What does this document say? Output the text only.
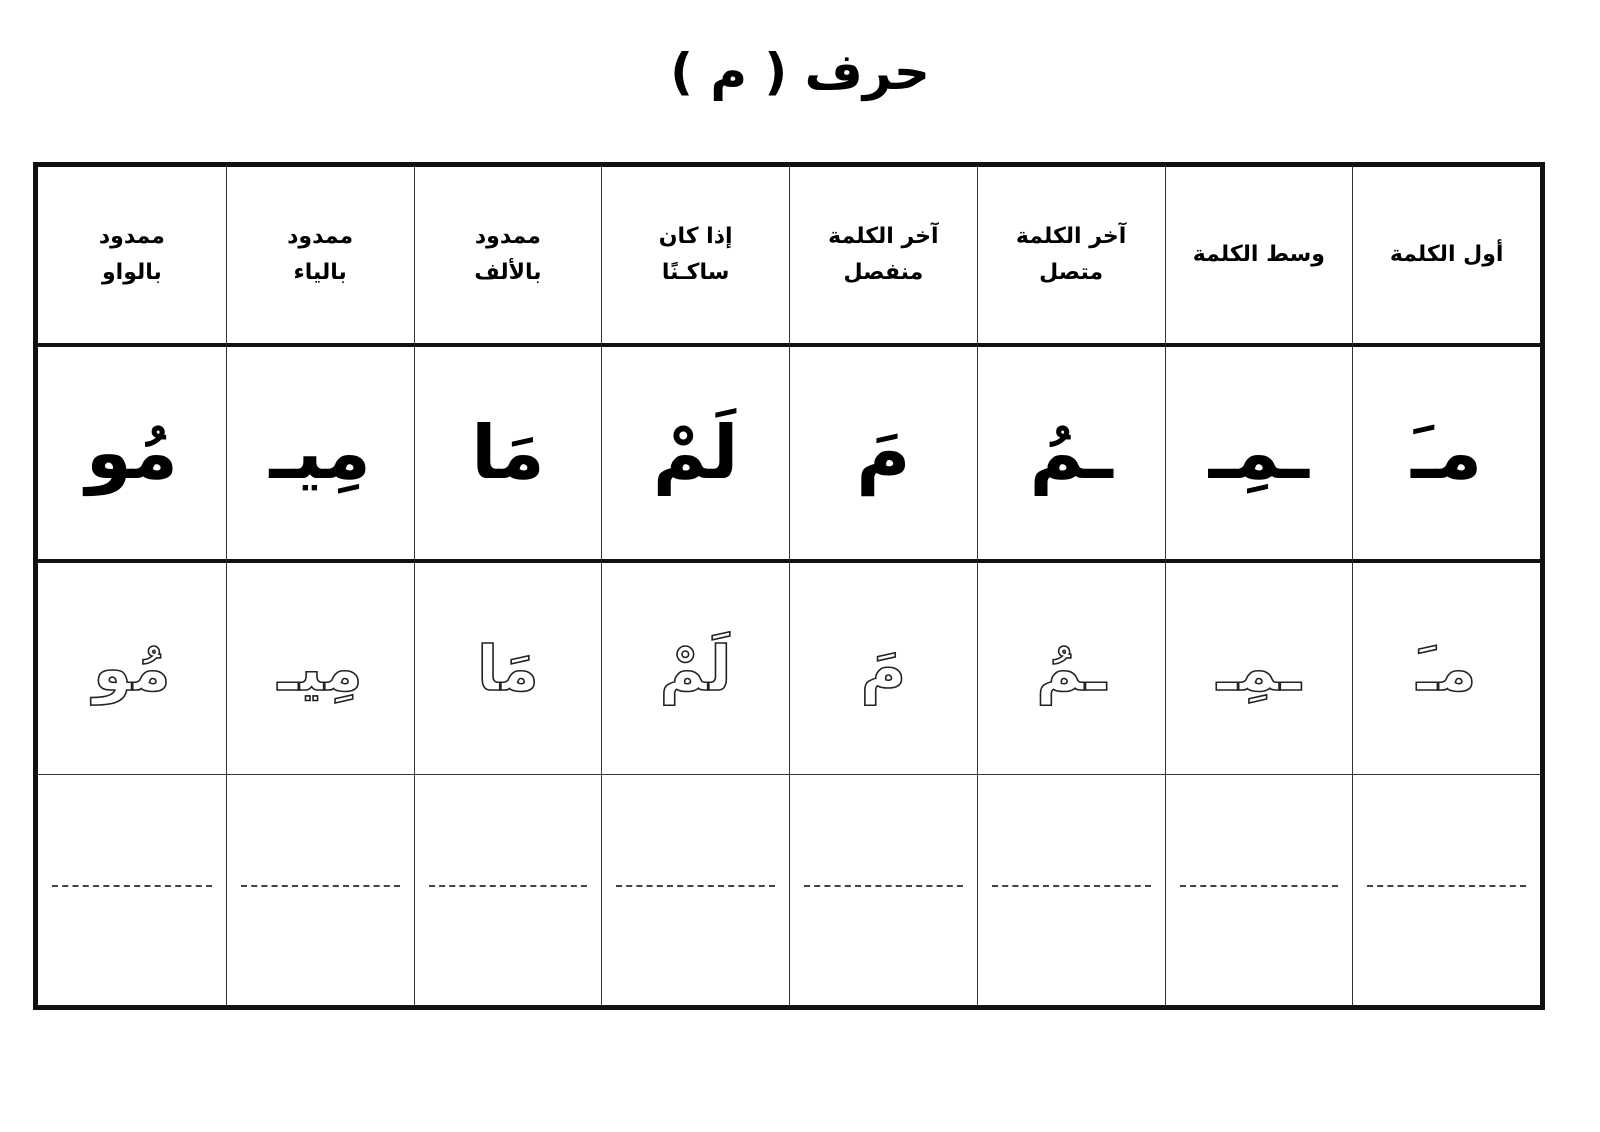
حرف ( م )
أول الكلمة
وسط الكلمة
آخر الكلمة
متصل
آخر الكلمة
منفصل
إذا كان
ساكـنًا
ممدود
بالألف
ممدود
بالياء
ممدود
بالواو
مـَ
ـمِـ
ـمُ
مَ
لَمْ
مَا
مِيـ
مُو
مـَ
ـمِـ
ـمُ
مَ
لَمْ
مَا
مِيـ
مُو
